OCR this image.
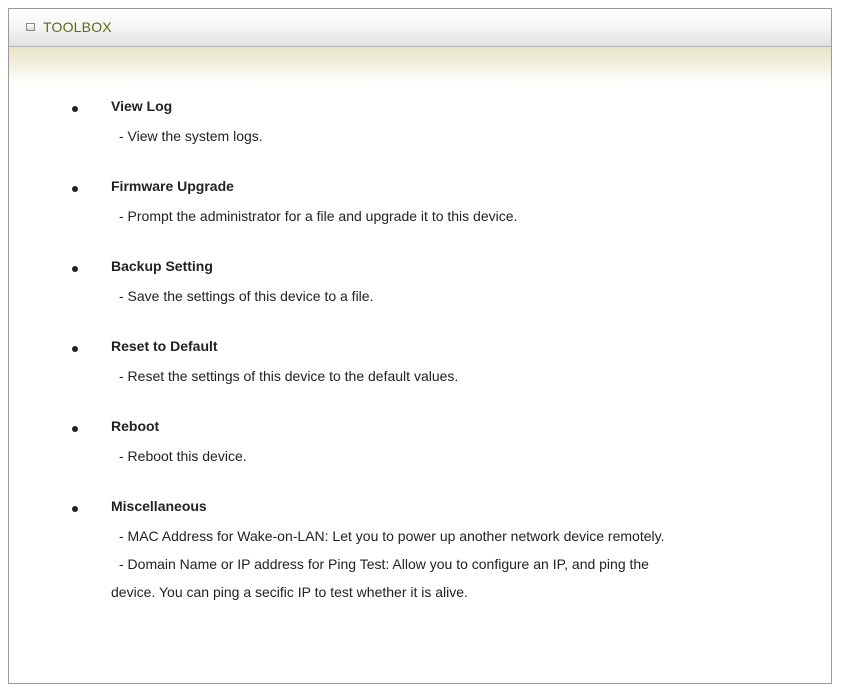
TOOLBOX
View Log
- View the system logs.
Firmware Upgrade
- Prompt the administrator for a file and upgrade it to this device.
Backup Setting
- Save the settings of this device to a file.
Reset to Default
- Reset the settings of this device to the default values.
Reboot
- Reboot this device.
Miscellaneous
- MAC Address for Wake-on-LAN: Let you to power up another network device remotely.
- Domain Name or IP address for Ping Test: Allow you to configure an IP, and ping the
device. You can ping a secific IP to test whether it is alive.
